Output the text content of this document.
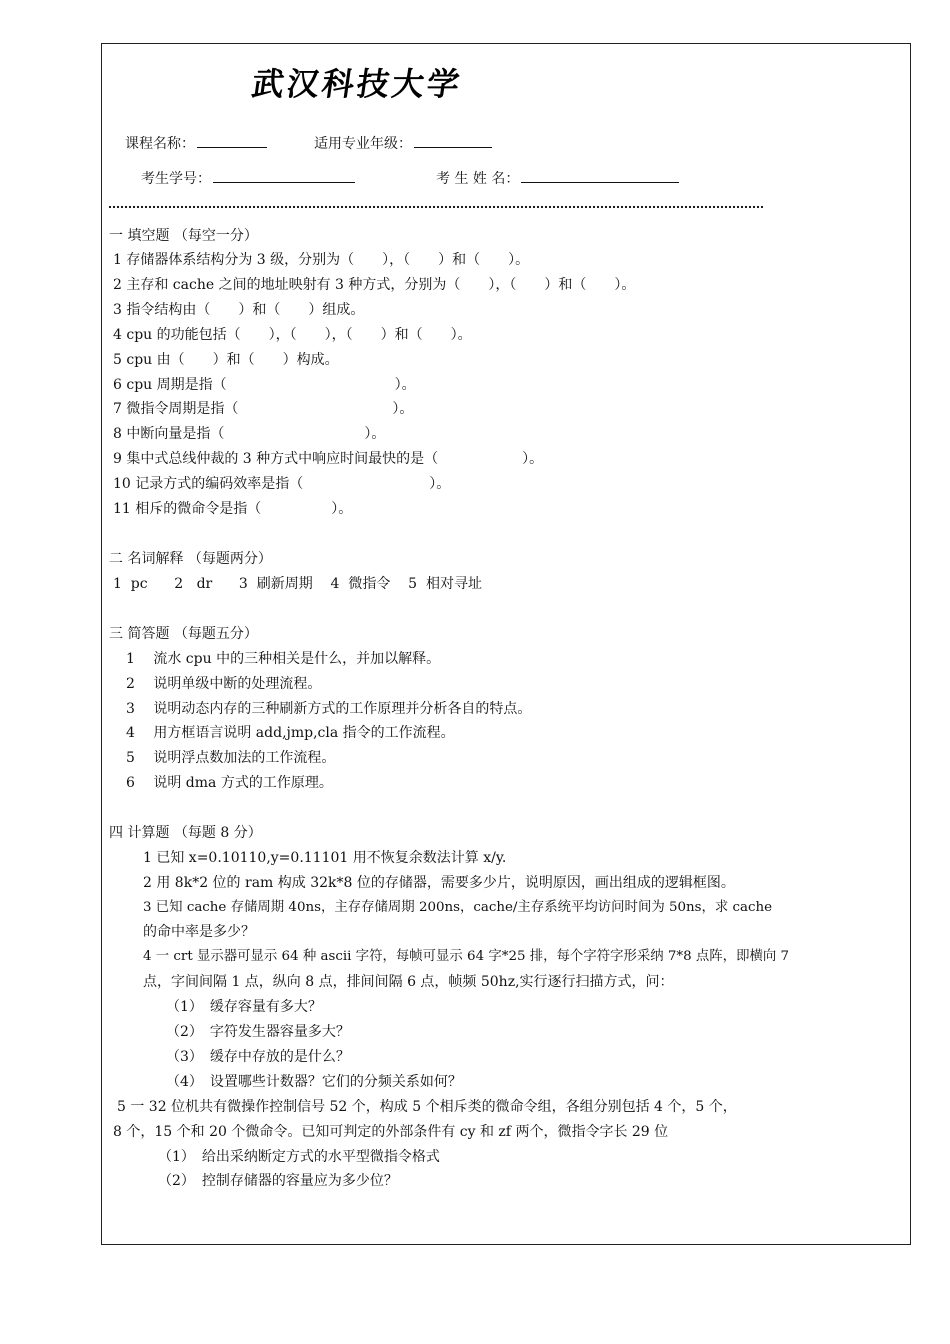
武汉科技大学
课程名称：	适用专业年级：
考生学号：	考 生 姓 名：
一 填空题 （每空一分）
1 存储器体系结构分为 3 级，分别为（　　），（　　）和（　　）。
2 主存和 cache 之间的地址映射有 3 种方式，分别为（　　），（　　）和（　　）。
3 指令结构由（　　）和（　　）组成。
4 cpu 的功能包括（　　），（　　），（　　）和（　　）。
5 cpu 由（　　）和（　　）构成。
6 cpu 周期是指（　　　　　　　　　　　　）。
7 微指令周期是指（　　　　　　　　　　　）。
8 中断向量是指（　　　　　　　　　　）。
9 集中式总线仲裁的 3 种方式中响应时间最快的是（　　　　　　）。
10 记录方式的编码效率是指（　　　　　　　　　）。
11 相斥的微命令是指（　　　　　）。
二 名词解释 （每题两分）
1  pc      2   dr      3  刷新周期    4  微指令    5  相对寻址
三 简答题 （每题五分）
1　 流水 cpu 中的三种相关是什么，并加以解释。
2　 说明单级中断的处理流程。
3　 说明动态内存的三种刷新方式的工作原理并分析各自的特点。
4　 用方框语言说明 add,jmp,cla 指令的工作流程。
5　 说明浮点数加法的工作流程。
6　 说明 dma 方式的工作原理。
四 计算题 （每题 8 分）
1 已知 x=0.10110,y=0.11101 用不恢复余数法计算 x/y.
2 用 8k*2 位的 ram 构成 32k*8 位的存储器，需要多少片，说明原因，画出组成的逻辑框图。
3 已知 cache 存储周期 40ns，主存存储周期 200ns，cache/主存系统平均访问时间为 50ns，求 cache
的命中率是多少？
4 一 crt 显示器可显示 64 种 ascii 字符，每帧可显示 64 字*25 排，每个字符字形采纳 7*8 点阵，即横向 7
点，字间间隔 1 点，纵向 8 点，排间间隔 6 点，帧频 50hz,实行逐行扫描方式，问：
（1）　缓存容量有多大？
（2）　字符发生器容量多大？
（3）　缓存中存放的是什么？
（4）　设置哪些计数器？它们的分频关系如何？
5 一 32 位机共有微操作控制信号 52 个，构成 5 个相斥类的微命令组，各组分别包括 4 个，5 个，
8 个，15 个和 20 个微命令。已知可判定的外部条件有 cy 和 zf 两个，微指令字长 29 位
（1）　给出采纳断定方式的水平型微指令格式
（2）　控制存储器的容量应为多少位？
